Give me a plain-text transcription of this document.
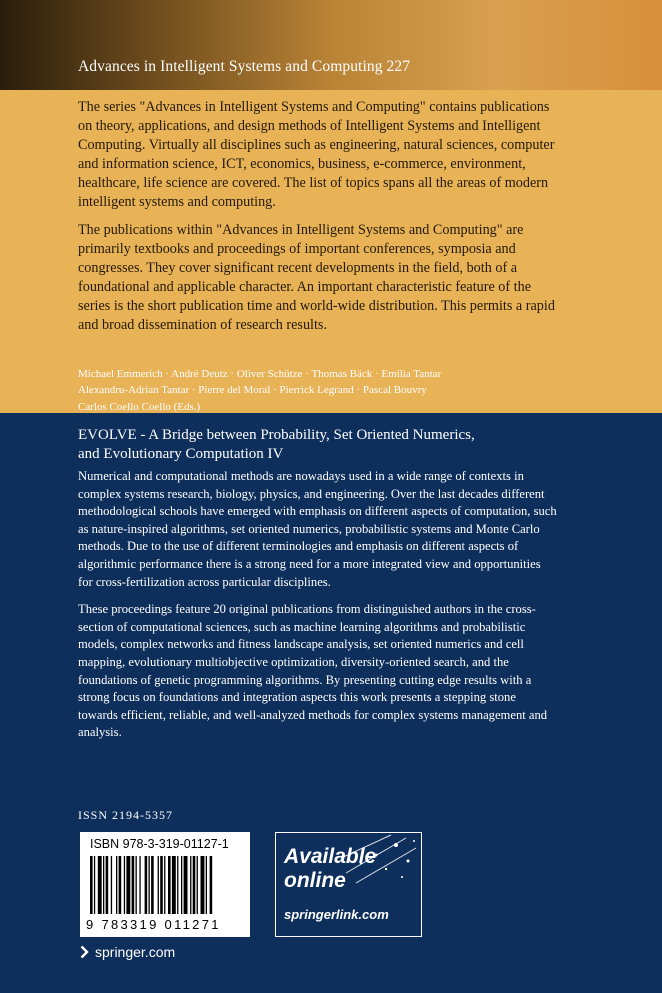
Advances in Intelligent Systems and Computing 227

The series "Advances in Intelligent Systems and Computing" contains publications on theory, applications, and design methods of Intelligent Systems and Intelligent Computing. Virtually all disciplines such as engineering, natural sciences, computer and information science, ICT, economics, business, e-commerce, environment, healthcare, life science are covered. The list of topics spans all the areas of modern intelligent systems and computing.

The publications within "Advances in Intelligent Systems and Computing" are primarily textbooks and proceedings of important conferences, symposia and congresses. They cover significant recent developments in the field, both of a foundational and applicable character. An important characteristic feature of the series is the short publication time and world-wide distribution. This permits a rapid and broad dissemination of research results.

Michael Emmerich · André Deutz · Oliver Schütze · Thomas Bäck · Emilia Tantar
Alexandru-Adrian Tantar · Pierre del Moral · Pierrick Legrand · Pascal Bouvry
Carlos Coello Coello (Eds.)
EVOLVE - A Bridge between Probability, Set Oriented Numerics,
and Evolutionary Computation IV

Numerical and computational methods are nowadays used in a wide range of contexts in complex systems research, biology, physics, and engineering. Over the last decades different methodological schools have emerged with emphasis on different aspects of computation, such as nature-inspired algorithms, set oriented numerics, probabilistic systems and Monte Carlo methods. Due to the use of different terminologies and emphasis on different aspects of algorithmic performance there is a strong need for a more integrated view and opportunities for cross-fertilization across particular disciplines.

These proceedings feature 20 original publications from distinguished authors in the cross-section of computational sciences, such as machine learning algorithms and probabilistic models, complex networks and fitness landscape analysis, set oriented numerics and cell mapping, evolutionary multiobjective optimization, diversity-oriented search, and the foundations of genetic programming algorithms. By presenting cutting edge results with a strong focus on foundations and integration aspects this work presents a stepping stone towards efficient, reliable, and well-analyzed methods for complex systems management and analysis.

ISSN 2194-5357
ISBN 978-3-319-01127-1
9 783319 011271
Available
online
springerlink.com
springer.com
